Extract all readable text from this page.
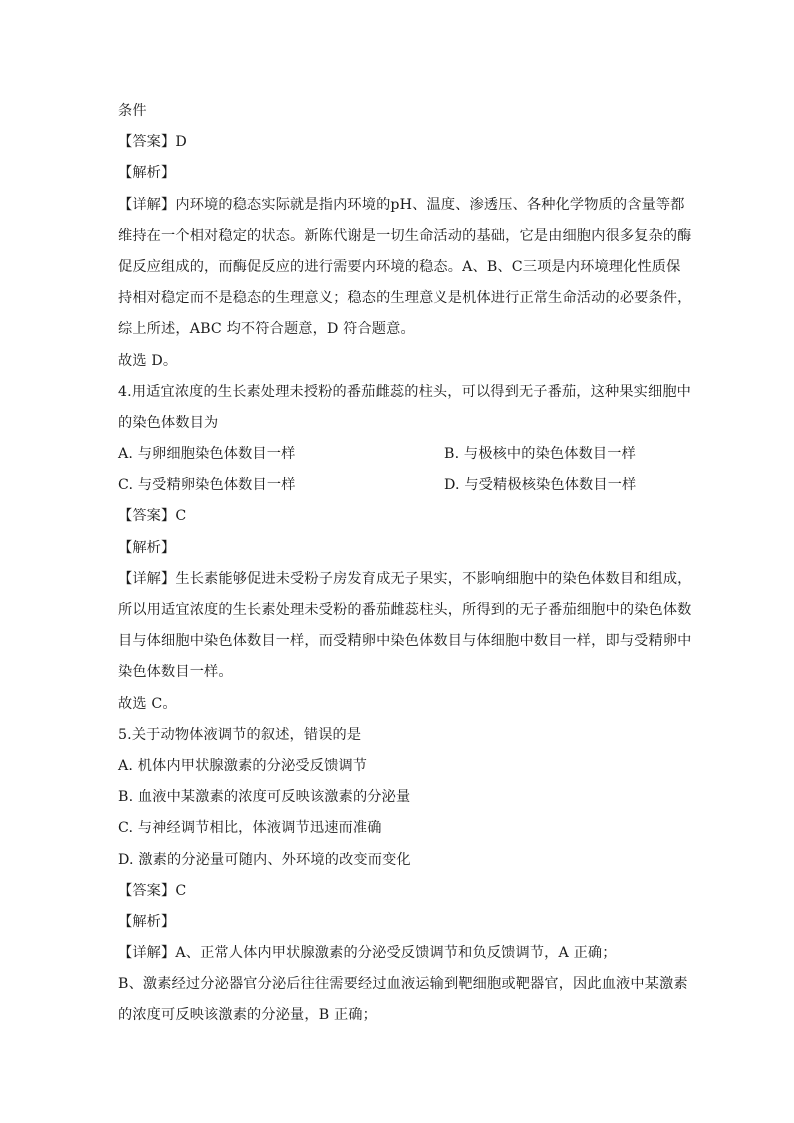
条件
【答案】D
【解析】
【详解】内环境的稳态实际就是指内环境的pH、温度、渗透压、各种化学物质的含量等都
维持在一个相对稳定的状态。新陈代谢是一切生命活动的基础，它是由细胞内很多复杂的酶
促反应组成的，而酶促反应的进行需要内环境的稳态。A、B、C三项是内环境理化性质保
持相对稳定而不是稳态的生理意义；稳态的生理意义是机体进行正常生命活动的必要条件，
综上所述，ABC 均不符合题意，D 符合题意。
故选 D。
4.用适宜浓度的生长素处理未授粉的番茄雌蕊的柱头，可以得到无子番茄，这种果实细胞中
的染色体数目为
A. 与卵细胞染色体数目一样	B. 与极核中的染色体数目一样
C. 与受精卵染色体数目一样	D. 与受精极核染色体数目一样
【答案】C
【解析】
【详解】生长素能够促进未受粉子房发育成无子果实，不影响细胞中的染色体数目和组成，
所以用适宜浓度的生长素处理未受粉的番茄雌蕊柱头，所得到的无子番茄细胞中的染色体数
目与体细胞中染色体数目一样，而受精卵中染色体数目与体细胞中数目一样，即与受精卵中
染色体数目一样。
故选 C。
5.关于动物体液调节的叙述，错误的是
A. 机体内甲状腺激素的分泌受反馈调节
B. 血液中某激素的浓度可反映该激素的分泌量
C. 与神经调节相比，体液调节迅速而准确
D. 激素的分泌量可随内、外环境的改变而变化
【答案】C
【解析】
【详解】A、正常人体内甲状腺激素的分泌受反馈调节和负反馈调节，A 正确；
B、激素经过分泌器官分泌后往往需要经过血液运输到靶细胞或靶器官，因此血液中某激素
的浓度可反映该激素的分泌量，B 正确；
